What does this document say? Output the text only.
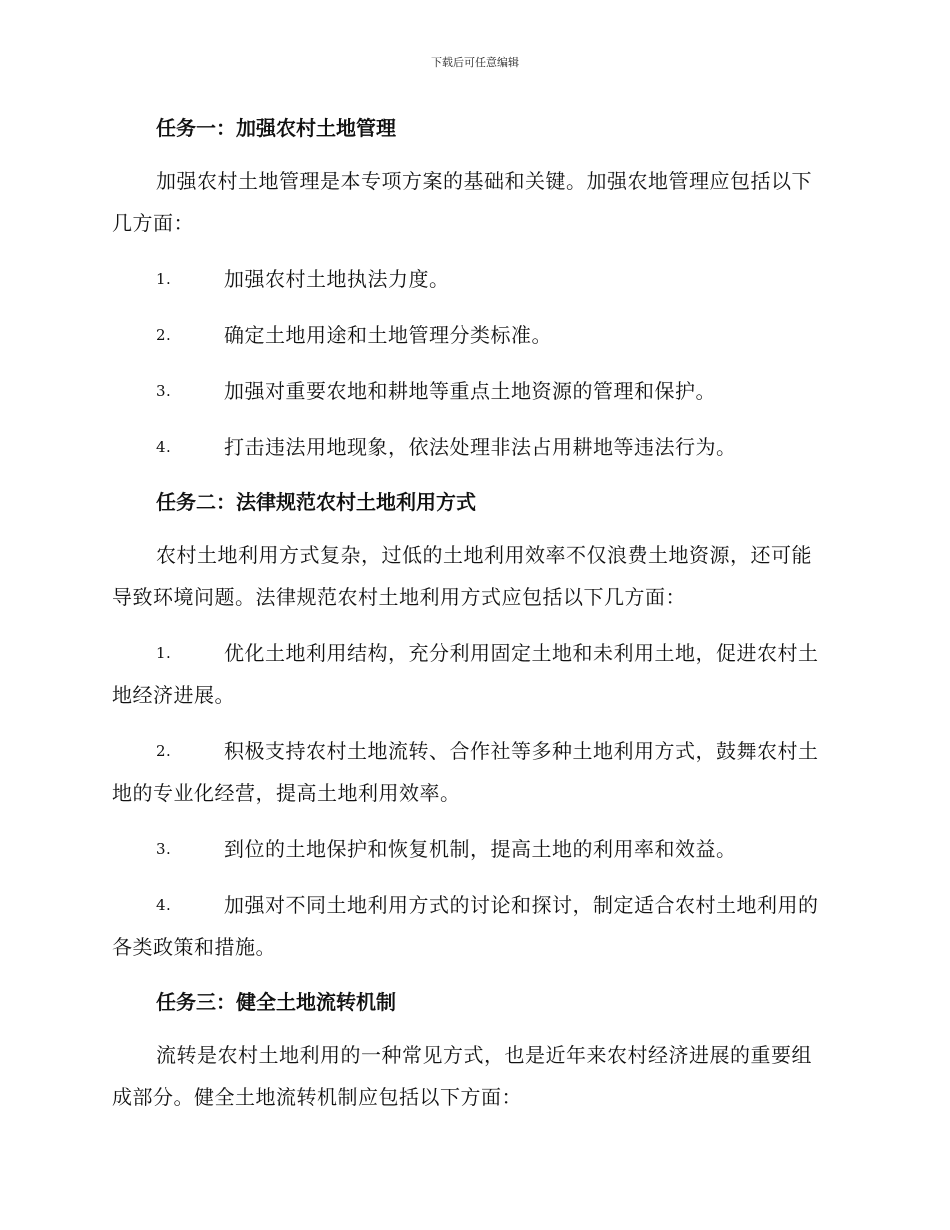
下载后可任意编辑
任务一：加强农村土地管理

加强农村土地管理是本专项方案的基础和关键。加强农地管理应包括以下几方面：

1.	加强农村土地执法力度。
2.	确定土地用途和土地管理分类标准。
3.	加强对重要农地和耕地等重点土地资源的管理和保护。
4.	打击违法用地现象，依法处理非法占用耕地等违法行为。
任务二：法律规范农村土地利用方式

农村土地利用方式复杂，过低的土地利用效率不仅浪费土地资源，还可能导致环境问题。法律规范农村土地利用方式应包括以下几方面：

1.	优化土地利用结构，充分利用固定土地和未利用土地，促进农村土地经济进展。
2.	积极支持农村土地流转、合作社等多种土地利用方式，鼓舞农村土地的专业化经营，提高土地利用效率。
3.	到位的土地保护和恢复机制，提高土地的利用率和效益。
4.	加强对不同土地利用方式的讨论和探讨，制定适合农村土地利用的各类政策和措施。
任务三：健全土地流转机制

流转是农村土地利用的一种常见方式，也是近年来农村经济进展的重要组成部分。健全土地流转机制应包括以下方面：
